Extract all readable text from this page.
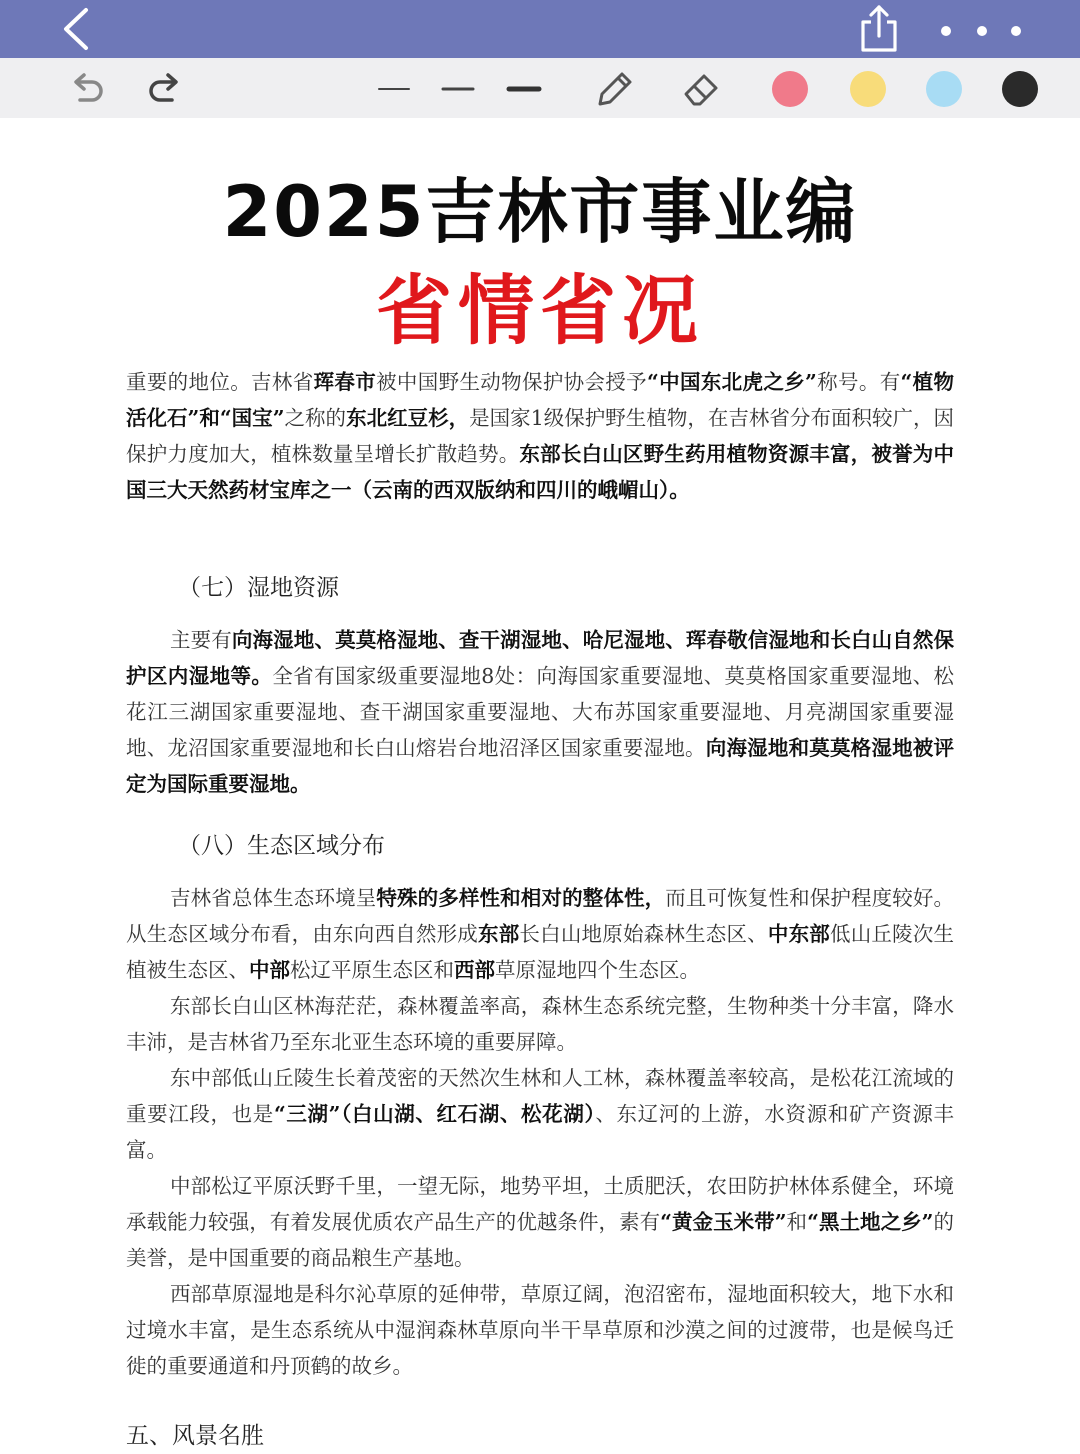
2025吉林市事业编
省情省况
重要的地位。吉林省珲春市被中国野生动物保护协会授予“中国东北虎之乡”称号。有“植物活化石”和“国宝”之称的东北红豆杉，是国家1级保护野生植物，在吉林省分布面积较广，因保护力度加大，植株数量呈增长扩散趋势。东部长白山区野生药用植物资源丰富，被誉为中国三大天然药材宝库之一（云南的西双版纳和四川的峨嵋山）。
（七）湿地资源
主要有向海湿地、莫莫格湿地、查干湖湿地、哈尼湿地、珲春敬信湿地和长白山自然保护区内湿地等。全省有国家级重要湿地8处：向海国家重要湿地、莫莫格国家重要湿地、松花江三湖国家重要湿地、查干湖国家重要湿地、大布苏国家重要湿地、月亮湖国家重要湿地、龙沼国家重要湿地和长白山熔岩台地沼泽区国家重要湿地。向海湿地和莫莫格湿地被评定为国际重要湿地。
（八）生态区域分布
吉林省总体生态环境呈特殊的多样性和相对的整体性，而且可恢复性和保护程度较好。从生态区域分布看，由东向西自然形成东部长白山地原始森林生态区、中东部低山丘陵次生植被生态区、中部松辽平原生态区和西部草原湿地四个生态区。
东部长白山区林海茫茫，森林覆盖率高，森林生态系统完整，生物种类十分丰富，降水丰沛，是吉林省乃至东北亚生态环境的重要屏障。
东中部低山丘陵生长着茂密的天然次生林和人工林，森林覆盖率较高，是松花江流域的重要江段，也是“三湖”（白山湖、红石湖、松花湖）、东辽河的上游，水资源和矿产资源丰富。
中部松辽平原沃野千里，一望无际，地势平坦，土质肥沃，农田防护林体系健全，环境承载能力较强，有着发展优质农产品生产的优越条件，素有“黄金玉米带”和“黑土地之乡”的美誉，是中国重要的商品粮生产基地。
西部草原湿地是科尔沁草原的延伸带，草原辽阔，泡沼密布，湿地面积较大，地下水和过境水丰富，是生态系统从中湿润森林草原向半干旱草原和沙漠之间的过渡带，也是候鸟迁徙的重要通道和丹顶鹤的故乡。
五、风景名胜
